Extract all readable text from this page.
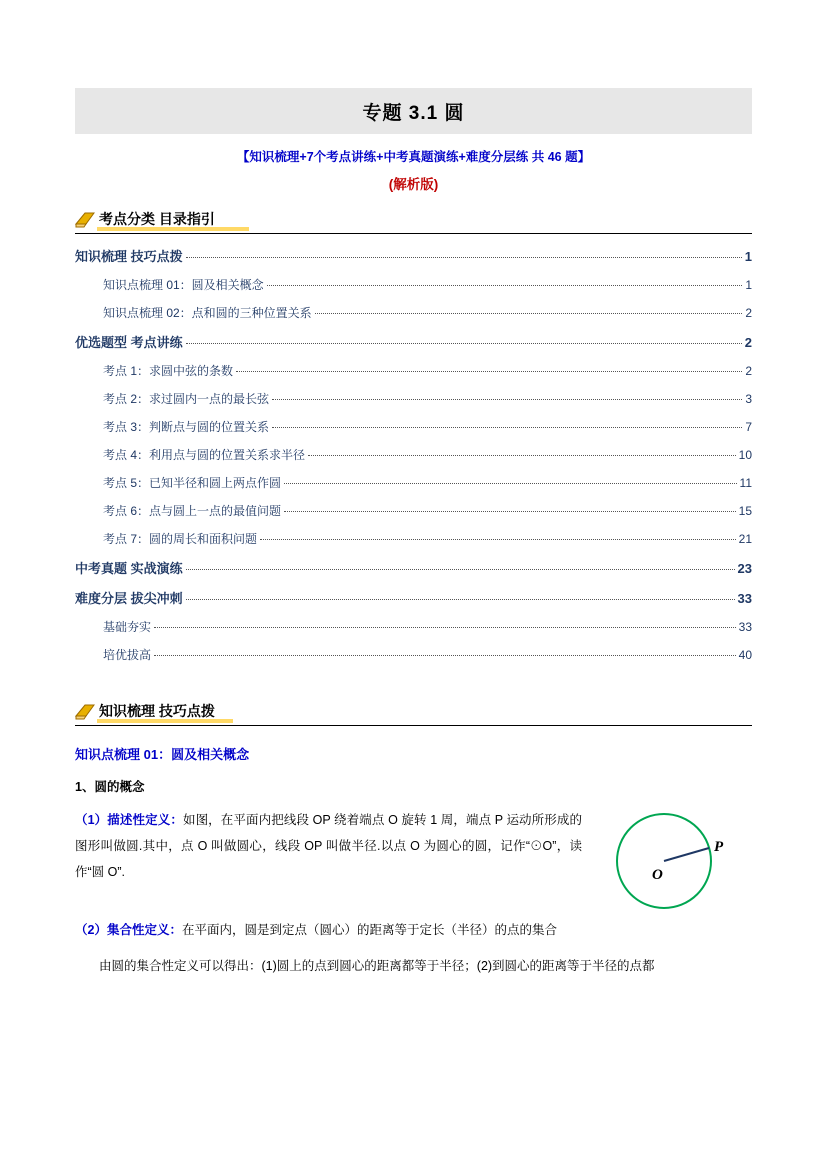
专题 3.1 圆
【知识梳理+7个考点讲练+中考真题演练+难度分层练 共 46 题】
(解析版)
考点分类 目录指引
知识梳理 技巧点拨	1
知识点梳理 01：圆及相关概念	1
知识点梳理 02：点和圆的三种位置关系	2
优选题型 考点讲练	2
考点 1：求圆中弦的条数	2
考点 2：求过圆内一点的最长弦	3
考点 3：判断点与圆的位置关系	7
考点 4：利用点与圆的位置关系求半径	10
考点 5：已知半径和圆上两点作圆	11
考点 6：点与圆上一点的最值问题	15
考点 7：圆的周长和面积问题	21
中考真题 实战演练	23
难度分层 拔尖冲刺	33
基础夯实	33
培优拔高	40
知识梳理 技巧点拨
知识点梳理 01：圆及相关概念
1、圆的概念
O
P
（1）描述性定义：如图，在平面内把线段 OP 绕着端点 O 旋转 1 周，端点 P 运动所形成的图形叫做圆.其中，点 O 叫做圆心，线段 OP 叫做半径.以点 O 为圆心的圆，记作“⊙O”，读作“圆 O”.
（2）集合性定义：在平面内，圆是到定点（圆心）的距离等于定长（半径）的点的集合
由圆的集合性定义可以得出：(1)圆上的点到圆心的距离都等于半径；(2)到圆心的距离等于半径的点都
